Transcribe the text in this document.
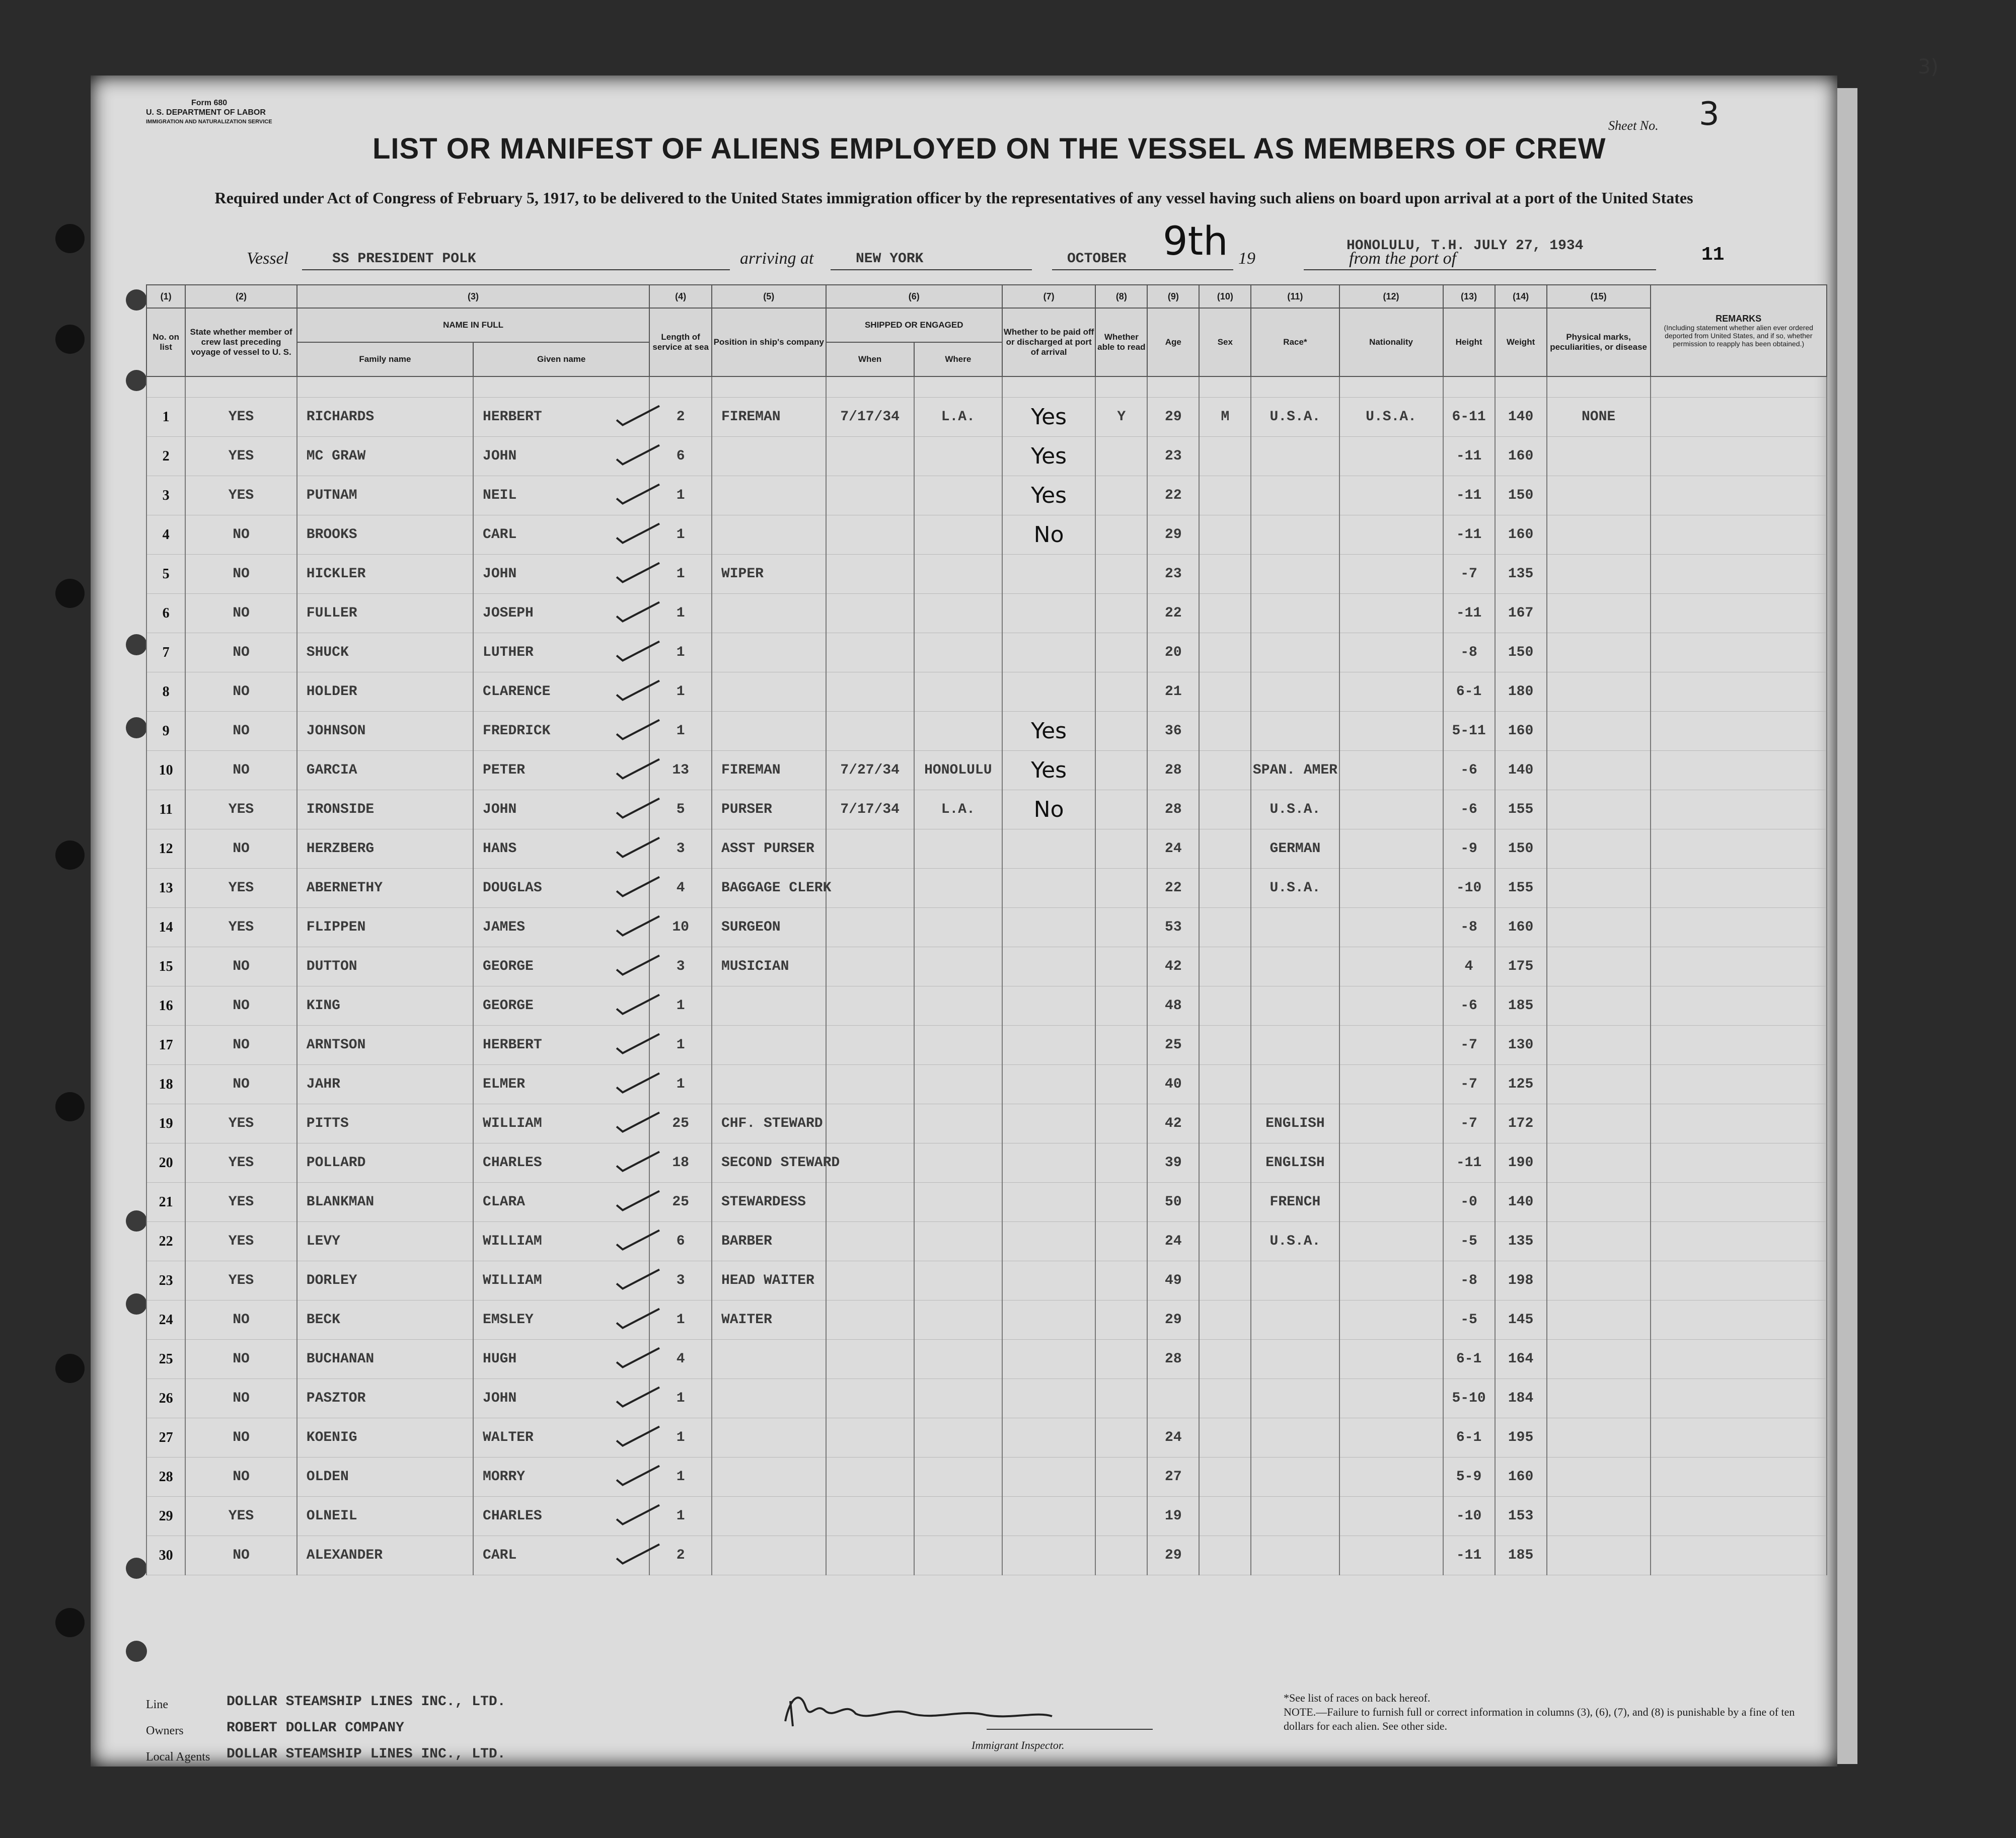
Form 680
U. S. DEPARTMENT OF LABOR
IMMIGRATION AND NATURALIZATION SERVICE	Sheet No. 3
3)
LIST OR MANIFEST OF ALIENS EMPLOYED ON THE VESSEL AS MEMBERS OF CREW
Required under Act of Congress of February 5, 1917, to be delivered to the United States immigration officer by the representatives of any vessel having such aliens on board upon arrival at a port of the United States
Vessel	SS PRESIDENT POLK	arriving at	NEW YORK	OCTOBER 9th 19	from the port of
HONOLULU, T.H. JULY 27, 1934	11
(1)	(2)	(3)		(4)	(5)	(6)		(7)	(8)	(9)	(10)	(11)	(12)	(13)	(14)	(15)	REMARKS
(Including statement whether alien ever ordered deported from United States, and if so, whether permission to reapply has been obtained.)

No. on list	State whether member of crew last preceding voyage of vessel to U. S.	NAME IN FULL		Length of service at sea	Position in ship's company	SHIPPED OR ENGAGED		Whether to be paid off or discharged at port of arrival	Whether able to read	Age	Sex	Race*	Nationality	Height	Weight	Physical marks, peculiarities, or disease	
		Family name	Given name			When	Where										

1	YES	RICHARDS	HERBERT	2	FIREMAN	7/17/34	L.A.	Yes	Y	29	M	U.S.A.	U.S.A.	6-11	140	NONE	
2	YES	MC GRAW	JOHN	6				Yes		23				-11	160		
3	YES	PUTNAM	NEIL	1				Yes		22				-11	150		
4	NO	BROOKS	CARL	1				No		29				-11	160		
5	NO	HICKLER	JOHN	1	WIPER					23				-7	135		
6	NO	FULLER	JOSEPH	1						22				-11	167		
7	NO	SHUCK	LUTHER	1						20				-8	150		
8	NO	HOLDER	CLARENCE	1						21				6-1	180		
9	NO	JOHNSON	FREDRICK	1				Yes		36				5-11	160		
10	NO	GARCIA	PETER	13	FIREMAN	7/27/34	HONOLULU	Yes		28		SPAN. AMER		-6	140		
11	YES	IRONSIDE	JOHN	5	PURSER	7/17/34	L.A.	No		28		U.S.A.		-6	155		
12	NO	HERZBERG	HANS	3	ASST PURSER					24		GERMAN		-9	150		
13	YES	ABERNETHY	DOUGLAS	4	BAGGAGE CLERK					22		U.S.A.		-10	155		
14	YES	FLIPPEN	JAMES	10	SURGEON					53				-8	160		
15	NO	DUTTON	GEORGE	3	MUSICIAN					42				4	175		
16	NO	KING	GEORGE	1						48				-6	185		
17	NO	ARNTSON	HERBERT	1						25				-7	130		
18	NO	JAHR	ELMER	1						40				-7	125		
19	YES	PITTS	WILLIAM	25	CHF. STEWARD					42		ENGLISH		-7	172		
20	YES	POLLARD	CHARLES	18	SECOND STEWARD					39		ENGLISH		-11	190		
21	YES	BLANKMAN	CLARA	25	STEWARDESS					50		FRENCH		-0	140		
22	YES	LEVY	WILLIAM	6	BARBER					24		U.S.A.		-5	135		
23	YES	DORLEY	WILLIAM	3	HEAD WAITER					49				-8	198		
24	NO	BECK	EMSLEY	1	WAITER					29				-5	145		
25	NO	BUCHANAN	HUGH	4						28				6-1	164		
26	NO	PASZTOR	JOHN	1										5-10	184		
27	NO	KOENIG	WALTER	1						24				6-1	195		
28	NO	OLDEN	MORRY	1						27				5-9	160		
29	YES	OLNEIL	CHARLES	1						19				-10	153		
30	NO	ALEXANDER	CARL	2						29				-11	185		
Line	DOLLAR STEAMSHIP LINES INC., LTD.
Owners	ROBERT DOLLAR COMPANY
Local Agents DOLLAR STEAMSHIP LINES INC., LTD.
Immigrant Inspector.
*See list of races on back hereof.
NOTE.—Failure to furnish full or correct information in columns (3), (6), (7), and (8) is punishable by a fine of ten dollars for each alien. See other side.
